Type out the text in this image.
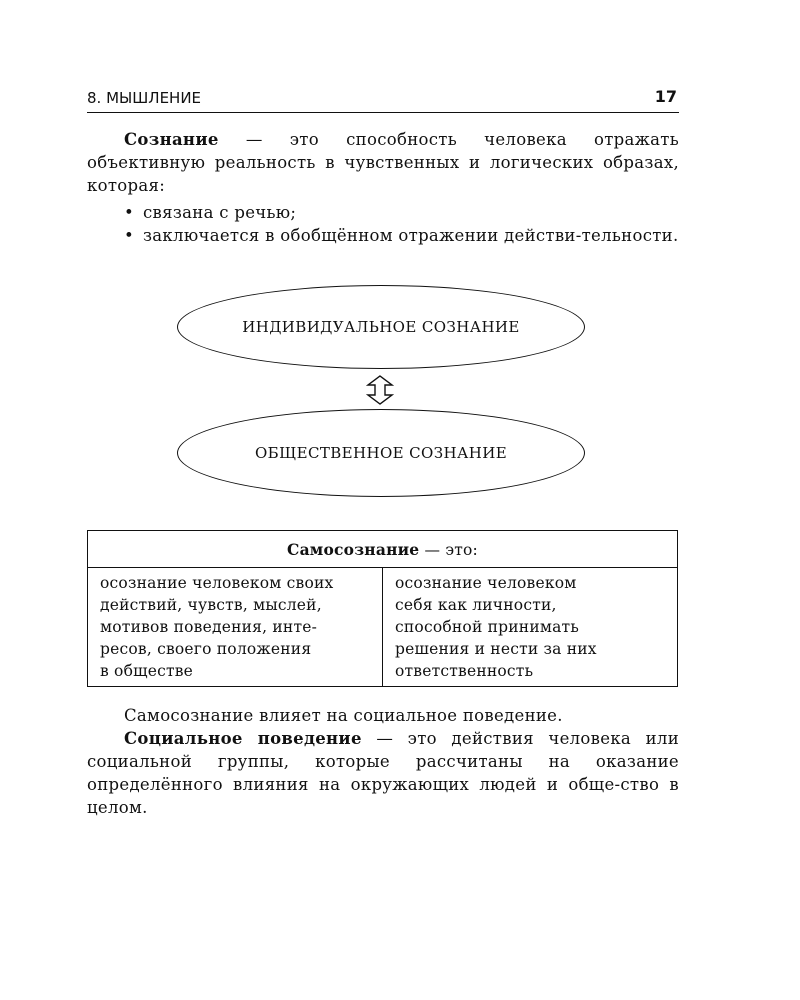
8. МЫШЛЕНИЕ	17

Сознание — это способность человека отражать объективную реальность в чувственных и логических образах, которая:

• связана с речью;
• заключается в обобщённом отражении действи-тельности.
ИНДИВИДУАЛЬНОЕ СОЗНАНИЕ
ОБЩЕСТВЕННОЕ СОЗНАНИЕ
Самосознание — это:

осознание человеком своих
действий, чувств, мыслей,
мотивов поведения, инте-
ресов, своего положения
в обществе

осознание человеком
себя как личности,
способной принимать
решения и нести за них
ответственность

Самосознание влияет на социальное поведение.

Социальное поведение — это действия человека или социальной группы, которые рассчитаны на оказание определённого влияния на окружающих людей и обще-ство в целом.
